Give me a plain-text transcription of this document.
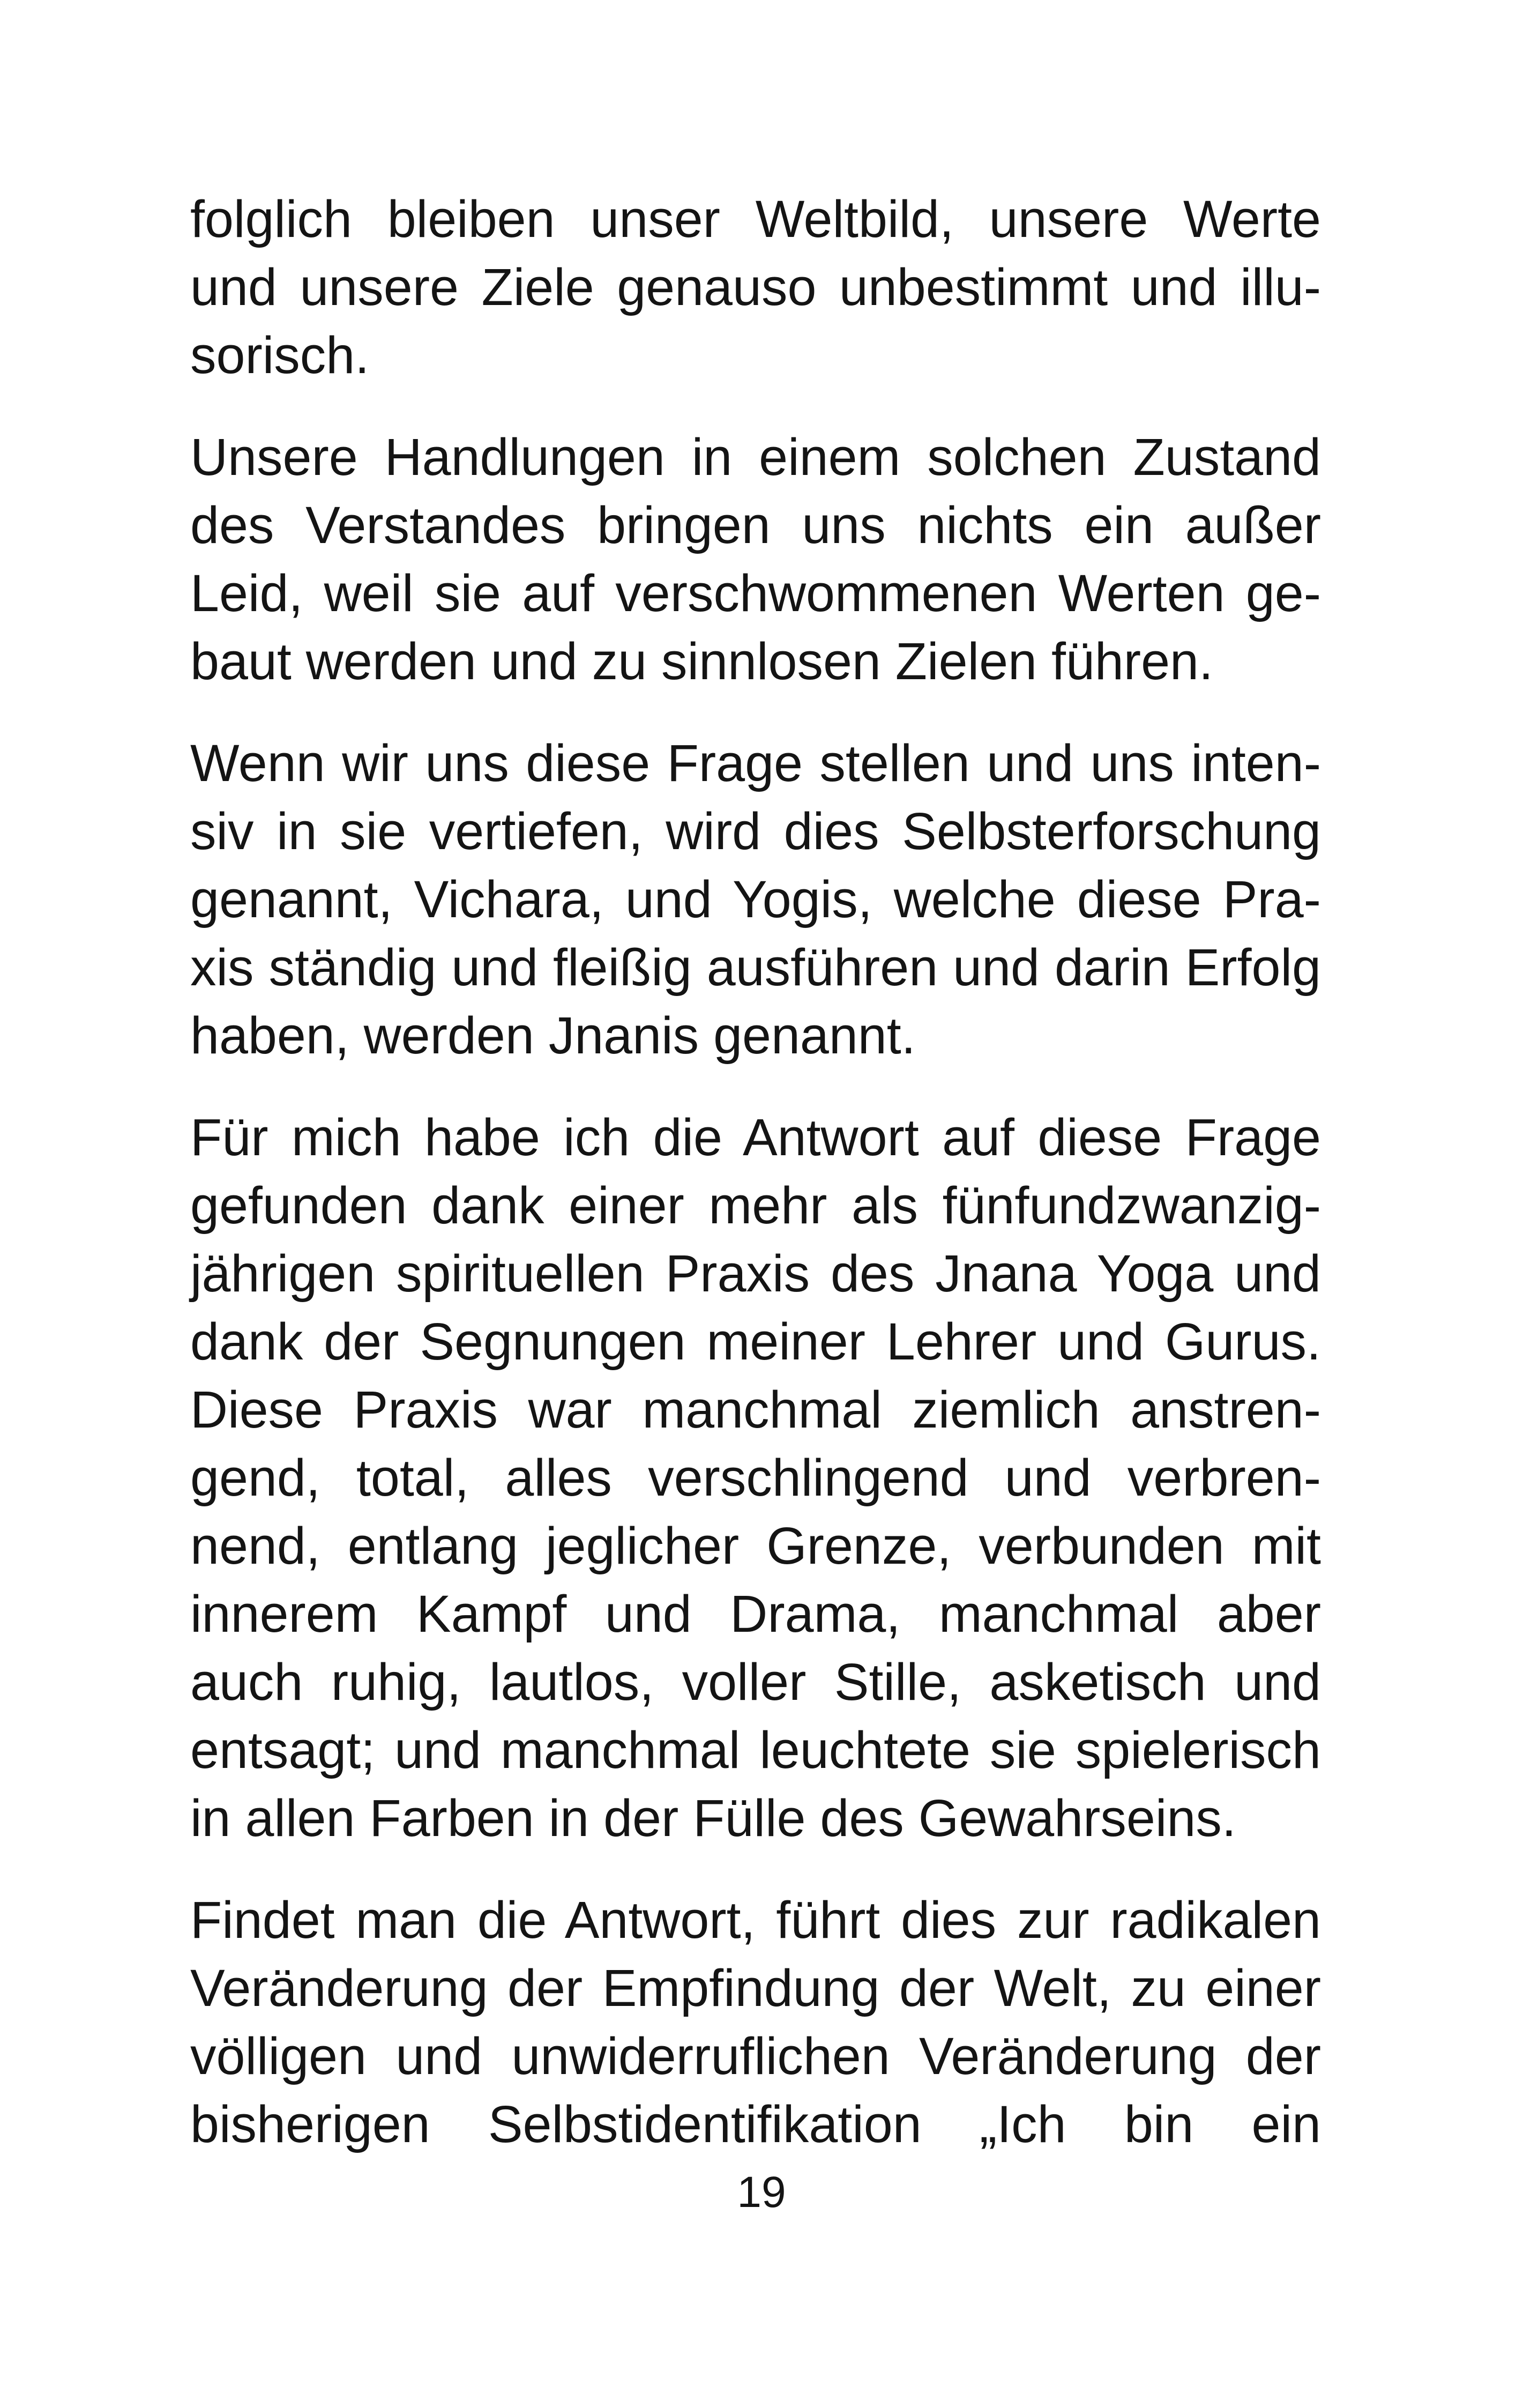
folglich bleiben unser Weltbild, unsere Werte
und unsere Ziele genauso unbestimmt und illu-
sorisch.

Unsere Handlungen in einem solchen Zustand
des Verstandes bringen uns nichts ein außer
Leid, weil sie auf verschwommenen Werten ge-
baut werden und zu sinnlosen Zielen führen.

Wenn wir uns diese Frage stellen und uns inten-
siv in sie vertiefen, wird dies Selbsterforschung
genannt, Vichara, und Yogis, welche diese Pra-
xis ständig und fleißig ausführen und darin Erfolg
haben, werden Jnanis genannt.

Für mich habe ich die Antwort auf diese Frage
gefunden dank einer mehr als fünfundzwanzig-
jährigen spirituellen Praxis des Jnana Yoga und
dank der Segnungen meiner Lehrer und Gurus.
Diese Praxis war manchmal ziemlich anstren-
gend, total, alles verschlingend und verbren-
nend, entlang jeglicher Grenze, verbunden mit
innerem Kampf und Drama, manchmal aber
auch ruhig, lautlos, voller Stille, asketisch und
entsagt; und manchmal leuchtete sie spielerisch
in allen Farben in der Fülle des Gewahrseins.

Findet man die Antwort, führt dies zur radikalen
Veränderung der Empfindung der Welt, zu einer
völligen und unwiderruflichen Veränderung der
bisherigen Selbstidentifikation „Ich bin ein

19
